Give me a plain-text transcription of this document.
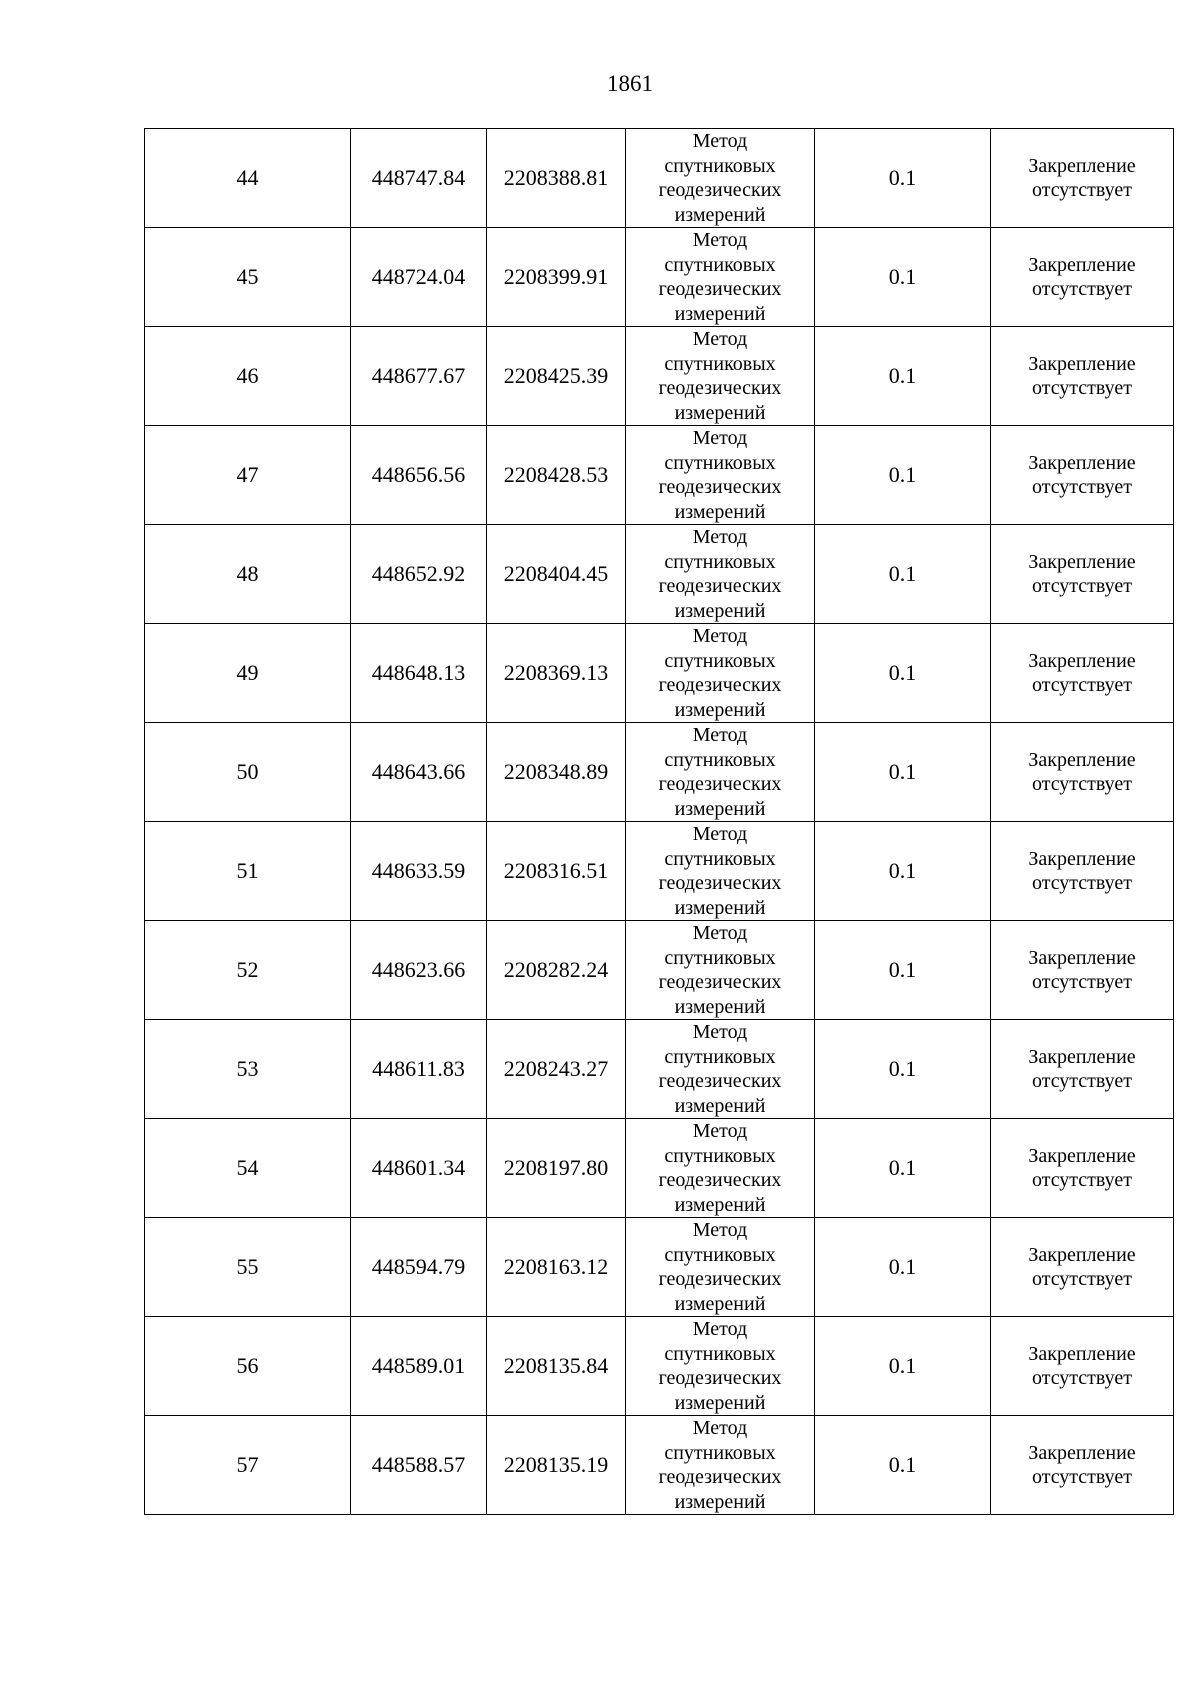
1861
44	448747.84	2208388.81	Метод
спутниковых
геодезических
измерений	0.1	Закрепление
отсутствует

45	448724.04	2208399.91	Метод
спутниковых
геодезических
измерений	0.1	Закрепление
отсутствует

46	448677.67	2208425.39	Метод
спутниковых
геодезических
измерений	0.1	Закрепление
отсутствует

47	448656.56	2208428.53	Метод
спутниковых
геодезических
измерений	0.1	Закрепление
отсутствует

48	448652.92	2208404.45	Метод
спутниковых
геодезических
измерений	0.1	Закрепление
отсутствует

49	448648.13	2208369.13	Метод
спутниковых
геодезических
измерений	0.1	Закрепление
отсутствует

50	448643.66	2208348.89	Метод
спутниковых
геодезических
измерений	0.1	Закрепление
отсутствует

51	448633.59	2208316.51	Метод
спутниковых
геодезических
измерений	0.1	Закрепление
отсутствует

52	448623.66	2208282.24	Метод
спутниковых
геодезических
измерений	0.1	Закрепление
отсутствует

53	448611.83	2208243.27	Метод
спутниковых
геодезических
измерений	0.1	Закрепление
отсутствует

54	448601.34	2208197.80	Метод
спутниковых
геодезических
измерений	0.1	Закрепление
отсутствует

55	448594.79	2208163.12	Метод
спутниковых
геодезических
измерений	0.1	Закрепление
отсутствует

56	448589.01	2208135.84	Метод
спутниковых
геодезических
измерений	0.1	Закрепление
отсутствует

57	448588.57	2208135.19	Метод
спутниковых
геодезических
измерений	0.1	Закрепление
отсутствует
